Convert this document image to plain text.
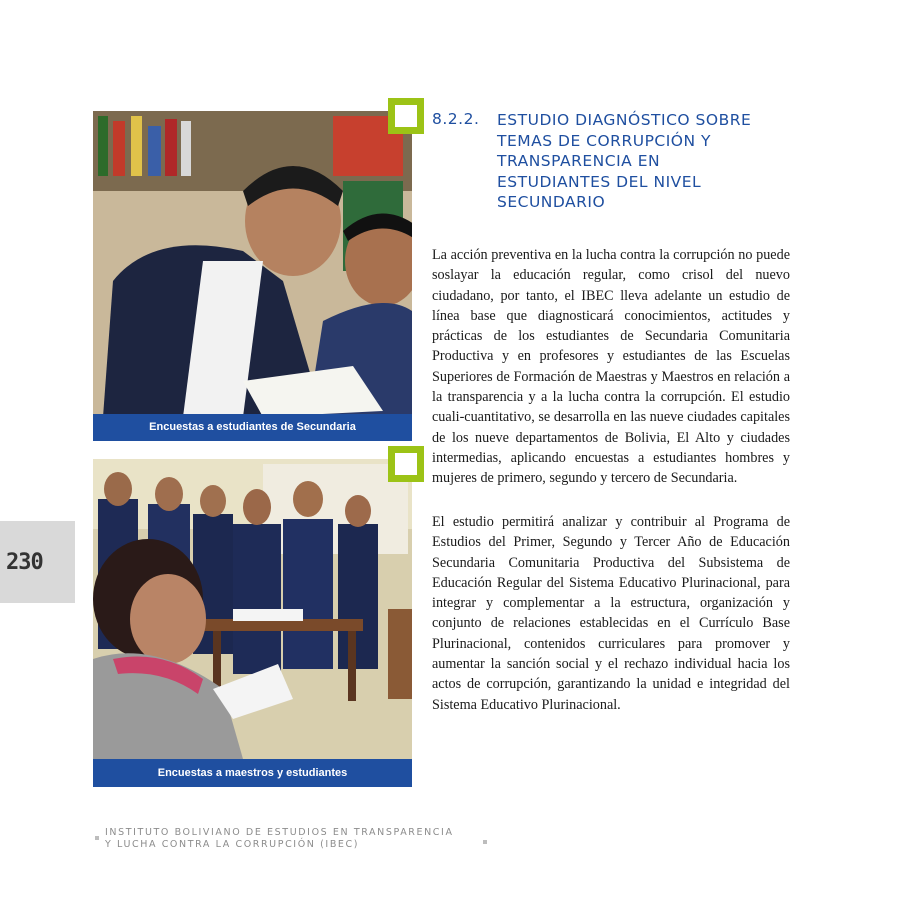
Encuestas a estudiantes de Secundaria
Encuestas a maestros y estudiantes
8.2.2. ESTUDIO DIAGNÓSTICO SOBRE TEMAS DE CORRUPCIÓN Y TRANSPARENCIA EN ESTUDIANTES DEL NIVEL SECUNDARIO
La acción preventiva en la lucha contra la corrupción no puede soslayar la educación regular, como crisol del nuevo ciudadano, por tanto, el IBEC lleva adelante un estudio de línea base que diagnosticará conocimientos, actitudes y prácticas de los estudiantes de Secundaria Comunitaria Productiva y en profesores y estudiantes de las Escuelas Superiores de Formación de Maestras y Maestros en relación a la transparencia y a la lucha contra la corrupción. El estudio cuali-cuantitativo, se desarrolla en las nueve ciudades capitales de los nueve departamentos de Bolivia, El Alto y ciudades intermedias, aplicando encuestas a estudiantes hombres y mujeres de primero, segundo y tercero de Secundaria.
El estudio permitirá analizar y contribuir al Programa de Estudios del Primer, Segundo y Tercer Año de Educación Secundaria Comunitaria Productiva del Subsistema de Educación Regular del Sistema Educativo Plurinacional, para integrar y complementar a la estructura, organización y conjunto de relaciones establecidas en el Currículo Base Plurinacional, contenidos curriculares para promover y aumentar la sanción social y el rechazo individual hacia los actos de corrupción, garantizando la unidad e integridad del Sistema Educativo Plurinacional.
230
INSTITUTO BOLIVIANO DE ESTUDIOS EN TRANSPARENCIA
Y LUCHA CONTRA LA CORRUPCIÓN (IBEC)
